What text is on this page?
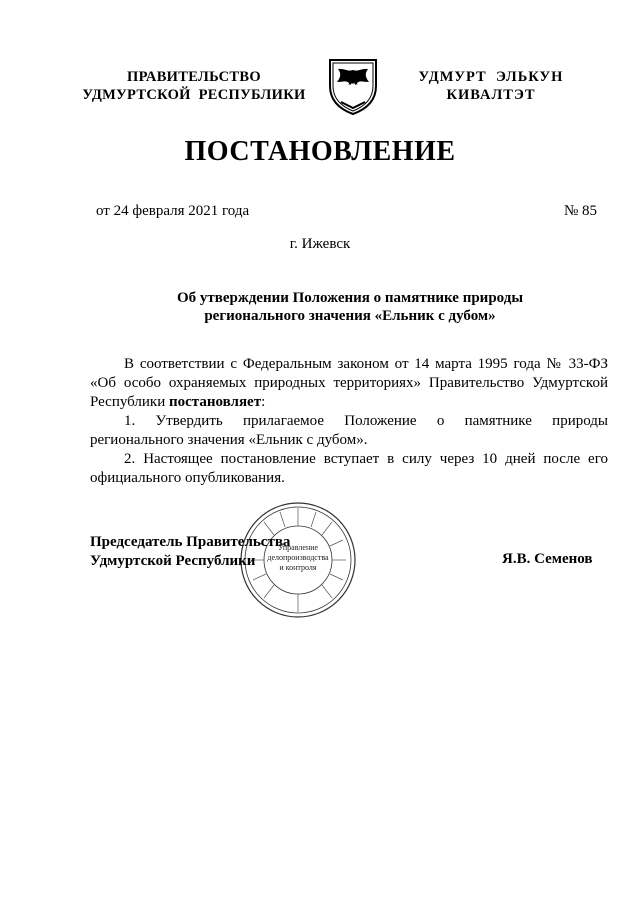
ПРАВИТЕЛЬСТВО
УДМУРТСКОЙ  РЕСПУБЛИКИ
УДМУРТ  ЭЛЬКУН
КИВАЛТЭТ
ПОСТАНОВЛЕНИЕ
от 24 февраля 2021 года	№ 85
г. Ижевск
Об утверждении Положения о памятнике природы
регионального значения «Ельник с дубом»
В соответствии с Федеральным законом от 14 марта 1995 года № 33-ФЗ
«Об особо охраняемых природных территориях» Правительство Удмуртской
Республики постановляет:
1. Утвердить прилагаемое Положение о памятнике природы
регионального значения «Ельник с дубом».
2. Настоящее постановление вступает в силу через 10 дней после его
официального опубликования.
Управление
делопроизводства
и контроля
Председатель Правительства
Удмуртской Республики	Я.В. Семенов
